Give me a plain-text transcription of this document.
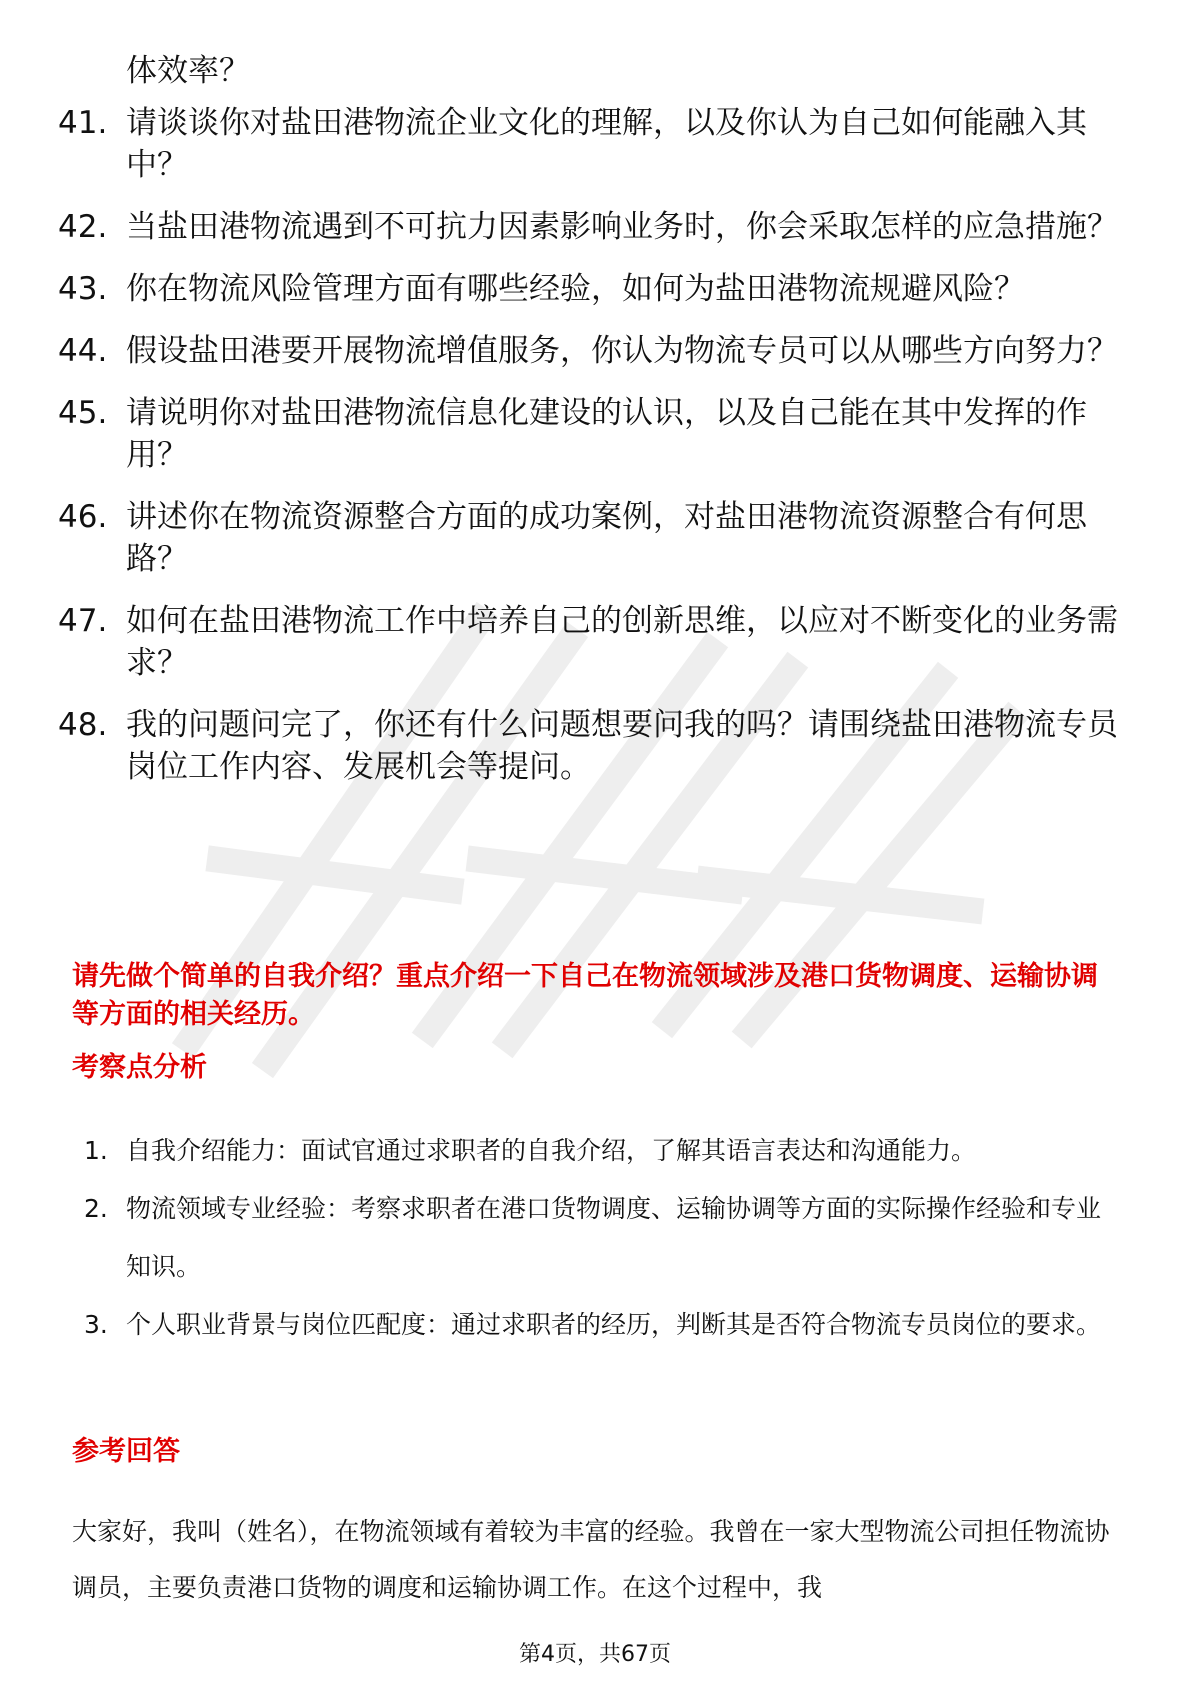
体效率？
41. 请谈谈你对盐田港物流企业文化的理解，以及你认为自己如何能融入其中？
42. 当盐田港物流遇到不可抗力因素影响业务时，你会采取怎样的应急措施？
43. 你在物流风险管理方面有哪些经验，如何为盐田港物流规避风险？
44. 假设盐田港要开展物流增值服务，你认为物流专员可以从哪些方向努力？
45. 请说明你对盐田港物流信息化建设的认识，以及自己能在其中发挥的作用？
46. 讲述你在物流资源整合方面的成功案例，对盐田港物流资源整合有何思路？
47. 如何在盐田港物流工作中培养自己的创新思维，以应对不断变化的业务需求？
48. 我的问题问完了，你还有什么问题想要问我的吗？请围绕盐田港物流专员岗位工作内容、发展机会等提问。
请先做个简单的自我介绍？重点介绍一下自己在物流领域涉及港口货物调度、运输协调等方面的相关经历。
考察点分析
1. 自我介绍能力：面试官通过求职者的自我介绍，了解其语言表达和沟通能力。
2. 物流领域专业经验：考察求职者在港口货物调度、运输协调等方面的实际操作经验和专业知识。
3. 个人职业背景与岗位匹配度：通过求职者的经历，判断其是否符合物流专员岗位的要求。
参考回答
大家好，我叫（姓名），在物流领域有着较为丰富的经验。我曾在一家大型物流公司担任物流协调员，主要负责港口货物的调度和运输协调工作。在这个过程中，我
第4页，共67页
